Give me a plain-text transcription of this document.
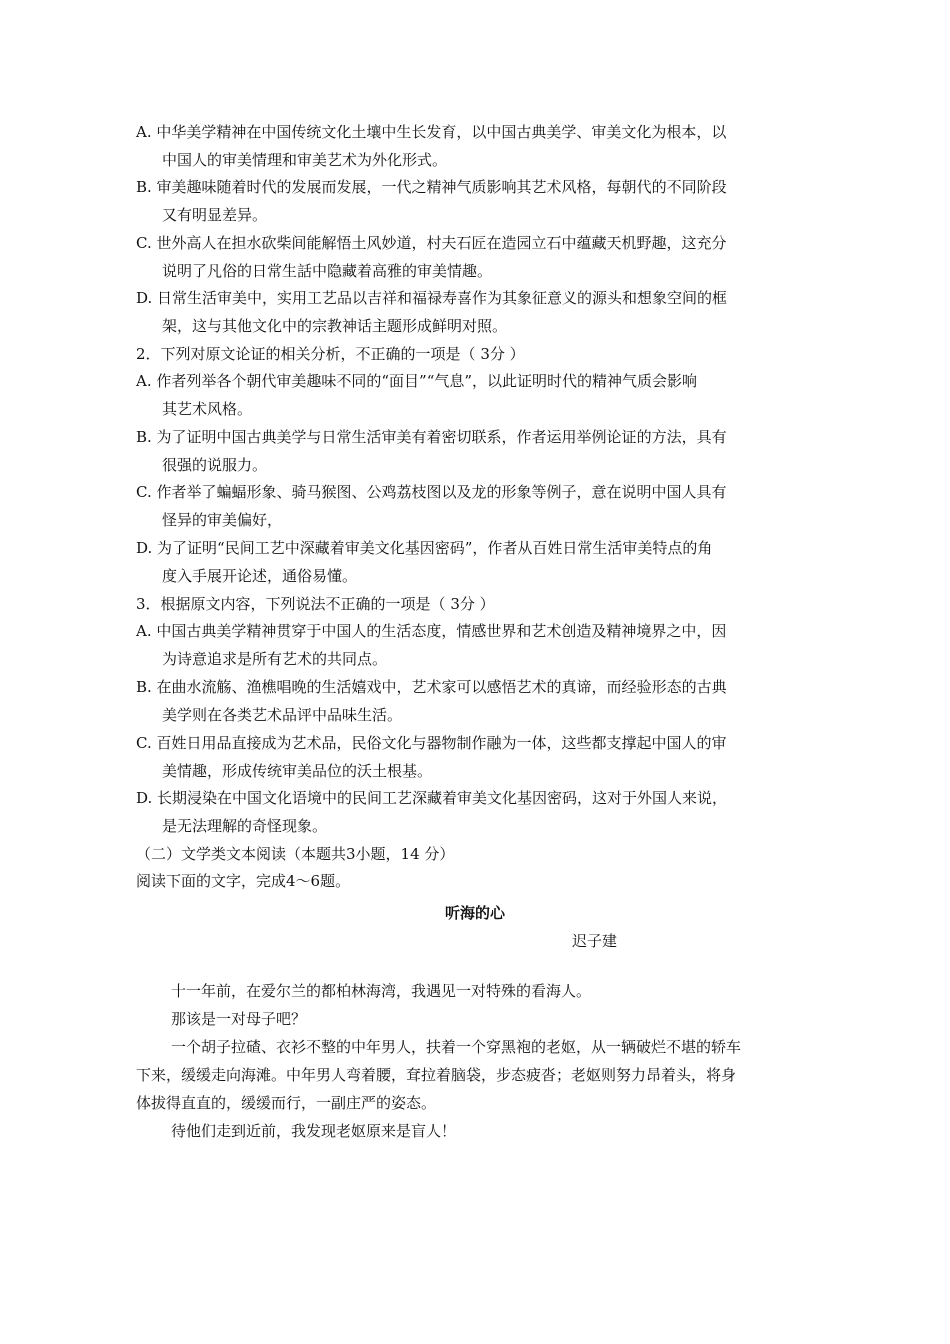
A. 中华美学精神在中国传统文化土壤中生长发育，以中国古典美学、审美文化为根本，以
中国人的审美情理和审美艺术为外化形式。
B. 审美趣味随着时代的发展而发展，一代之精神气质影响其艺术风格，每朝代的不同阶段
又有明显差异。
C. 世外高人在担水砍柴间能解悟土风妙道，村夫石匠在造园立石中蕴藏天机野趣，这充分
说明了凡俗的日常生話中隐藏着高雅的审美情趣。
D. 日常生活审美中，实用工艺品以吉祥和福禄寿喜作为其象征意义的源头和想象空间的框
架，这与其他文化中的宗教神话主题形成鲜明对照。
2．下列对原文论证的相关分析，不正确的一项是（ 3分 ）
A. 作者列举各个朝代审美趣味不同的“面目”“气息”，以此证明时代的精神气质会影响
其艺术风格。
B. 为了证明中国古典美学与日常生活审美有着密切联系，作者运用举例论证的方法，具有
很强的说服力。
C. 作者举了蝙蝠形象、骑马猴图、公鸡荔枝图以及龙的形象等例子，意在说明中国人具有
怪异的审美偏好，
D. 为了证明“民间工艺中深藏着审美文化基因密码”，作者从百姓日常生活审美特点的角
度入手展开论述，通俗易懂。
3．根据原文内容，下列说法不正确的一项是（ 3分 ）
A. 中国古典美学精神贯穿于中国人的生活态度，情感世界和艺术创造及精神境界之中，因
为诗意追求是所有艺术的共同点。
B. 在曲水流觞、渔樵唱晚的生活嬉戏中，艺术家可以感悟艺术的真谛，而经验形态的古典
美学则在各类艺术品评中品味生活。
C. 百姓日用品直接成为艺术品，民俗文化与器物制作融为一体，这些都支撑起中国人的审
美情趣，形成传统审美品位的沃土根基。
D. 长期浸染在中国文化语境中的民间工艺深藏着审美文化基因密码，这对于外国人来说，
是无法理解的奇怪现象。
（二）文学类文本阅读（本题共3小题，14 分）
阅读下面的文字，完成4～6题。
听海的心
迟子建
十一年前，在爱尔兰的都柏林海湾，我遇见一对特殊的看海人。
那该是一对母子吧？
一个胡子拉碴、衣衫不整的中年男人，扶着一个穿黑袍的老妪，从一辆破烂不堪的轿车
下来，缓缓走向海滩。中年男人弯着腰，耷拉着脑袋，步态疲沓；老妪则努力昂着头，将身
体拔得直直的，缓缓而行，一副庄严的姿态。
待他们走到近前，我发现老妪原来是盲人！
